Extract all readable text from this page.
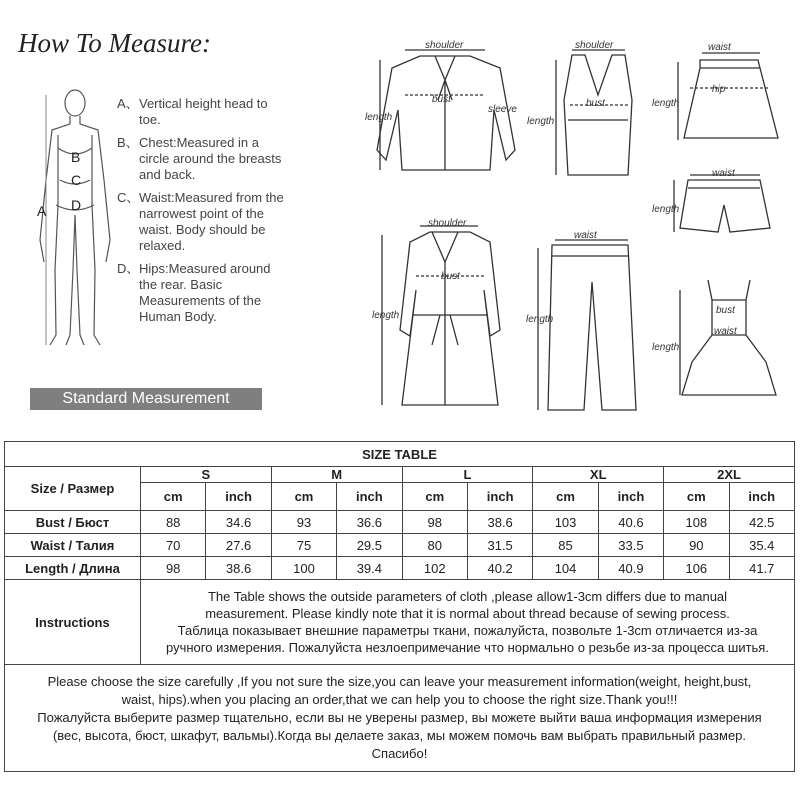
How To Measure:
A
B
C
D
shoulder
bust
sleeve
length
shoulder
bust
length
waist
hip
length
waist
length
shoulder
bust
length
waist
length
bust
waist
length
A、 Vertical height head to toe.
B、 Chest:Measured in a circle around the breasts and back.
C、 Waist:Measured from the narrowest point of the waist. Body should be relaxed.
D、 Hips:Measured around the rear. Basic Measurements of the Human Body.
Standard Measurement
SIZE TABLE										
Size / Размер	S		M		L		XL		2XL	
	cm	inch	cm	inch	cm	inch	cm	inch	cm	inch
Bust / Бюст	88	34.6	93	36.6	98	38.6	103	40.6	108	42.5
Waist / Талия	70	27.6	75	29.5	80	31.5	85	33.5	90	35.4
Length / Длина	98	38.6	100	39.4	102	40.2	104	40.9	106	41.7
Instructions	The Table shows the outside parameters of cloth ,please allow1-3cm differs due to manual
measurement. Please kindly note that it is normal about thread because of sewing process.
Таблица показывает внешние параметры ткани, пожалуйста, позвольте 1-3cm отличается из-за
ручного измерения. Пожалуйста незлоепримечание что нормально о резьбе из-за процесса шитья.									

Please choose the size carefully ,If you not sure the size,you can leave your measurement information(weight, height,bust,
waist, hips).when you placing an order,that we can help you to choose the right size.Thank you!!!
Пожалуйста выберите размер тщательно, если вы не уверены размер, вы можете выйти ваша информация измерения
(вес, высота, бюст, шкафут, вальмы).Когда вы делаете заказ, мы можем помочь вам выбрать правильный размер.
Спасибо!										
